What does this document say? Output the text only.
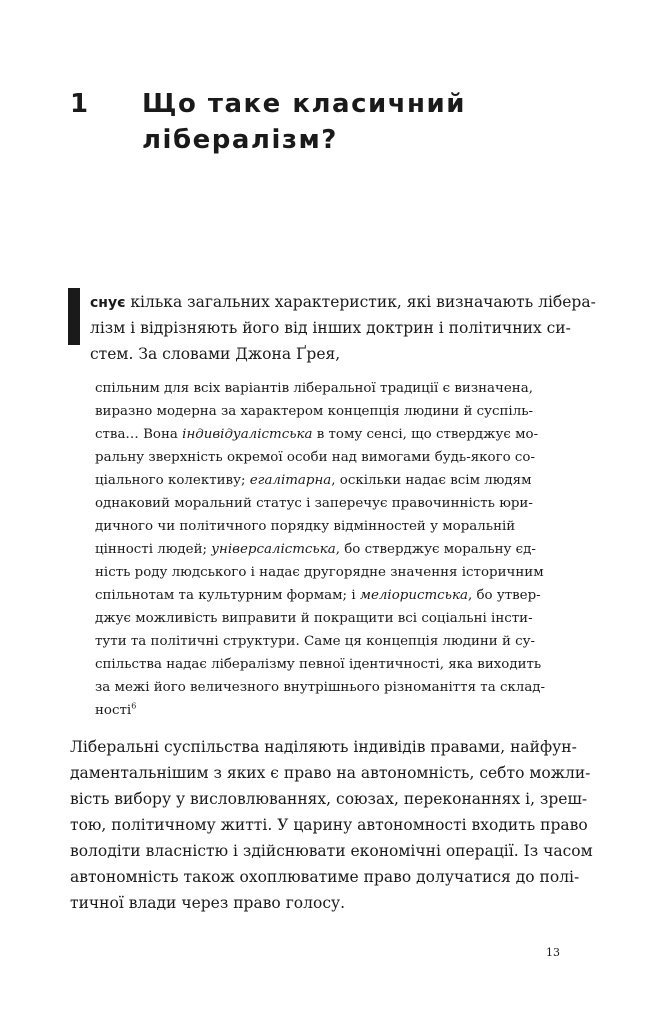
1 Що таке класичний
лібералізм?
снує кілька загальних характеристик, які визначають лібера-
лізм і відрізняють його від інших доктрин і політичних си-
стем. За словами Джона Ґрея,
спільним для всіх варіантів ліберальної традиції є визначена,
виразно модерна за характером концепція людини й суспіль-
ства… Вона індивідуалістська в тому сенсі, що стверджує мо-
ральну зверхність окремої особи над вимогами будь-якого со-
ціального колективу; егалітарна, оскільки надає всім людям
однаковий моральний статус і заперечує правочинність юри-
дичного чи політичного порядку відмінностей у моральній
цінності людей; універсалістська, бо стверджує моральну єд-
ність роду людського і надає другорядне значення історичним
спільнотам та культурним формам; і меліористська, бо утвер-
джує можливість виправити й покращити всі соціальні інсти-
тути та політичні структури. Саме ця концепція людини й су-
спільства надає лібералізму певної ідентичності, яка виходить
за межі його величезного внутрішнього різноманіття та склад-
ності$^6$
Ліберальні суспільства наділяють індивідів правами, найфун-
даментальнішим з яких є право на автономність, себто можли-
вість вибору у висловлюваннях, союзах, переконаннях і, зреш-
тою, політичному житті. У царину автономності входить право
володіти власністю і здійснювати економічні операції. Із часом
автономність також охоплюватиме право долучатися до полі-
тичної влади через право голосу.
13
